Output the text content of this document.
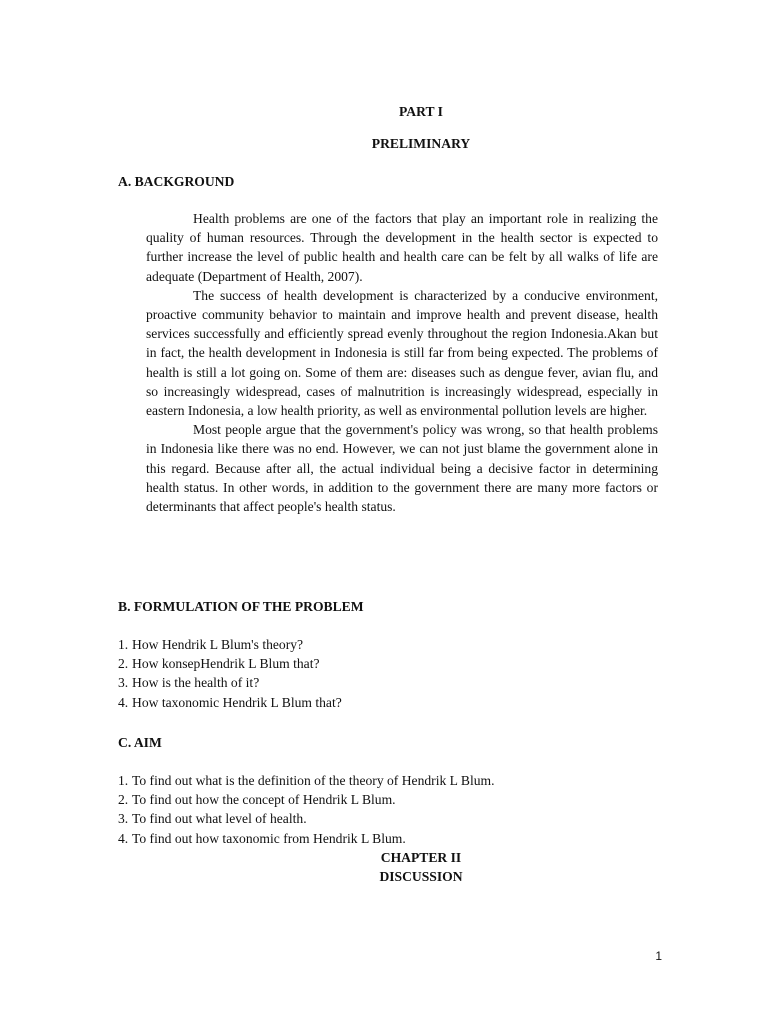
PART I

PRELIMINARY

A. BACKGROUND

Health problems are one of the factors that play an important role in realizing the quality of human resources. Through the development in the health sector is expected to further increase the level of public health and health care can be felt by all walks of life are adequate (Department of Health, 2007).

The success of health development is characterized by a conducive environment, proactive community behavior to maintain and improve health and prevent disease, health services successfully and efficiently spread evenly throughout the region Indonesia.Akan but in fact, the health development in Indonesia is still far from being expected. The problems of health is still a lot going on. Some of them are: diseases such as dengue fever, avian flu, and so increasingly widespread, cases of malnutrition is increasingly widespread, especially in eastern Indonesia, a low health priority, as well as environmental pollution levels are higher.

Most people argue that the government's policy was wrong, so that health problems in Indonesia like there was no end. However, we can not just blame the government alone in this regard. Because after all, the actual individual being a decisive factor in determining health status. In other words, in addition to the government there are many more factors or determinants that affect people's health status.

B. FORMULATION OF THE PROBLEM

1. How Hendrik L Blum's theory?
2. How konsepHendrik L Blum that?
3. How is the health of it?
4. How taxonomic Hendrik L Blum that?

C. AIM

1. To find out what is the definition of the theory of Hendrik L Blum.
2. To find out how the concept of Hendrik L Blum.
3. To find out what level of health.
4. To find out how taxonomic from Hendrik L Blum.

CHAPTER II

DISCUSSION

1
